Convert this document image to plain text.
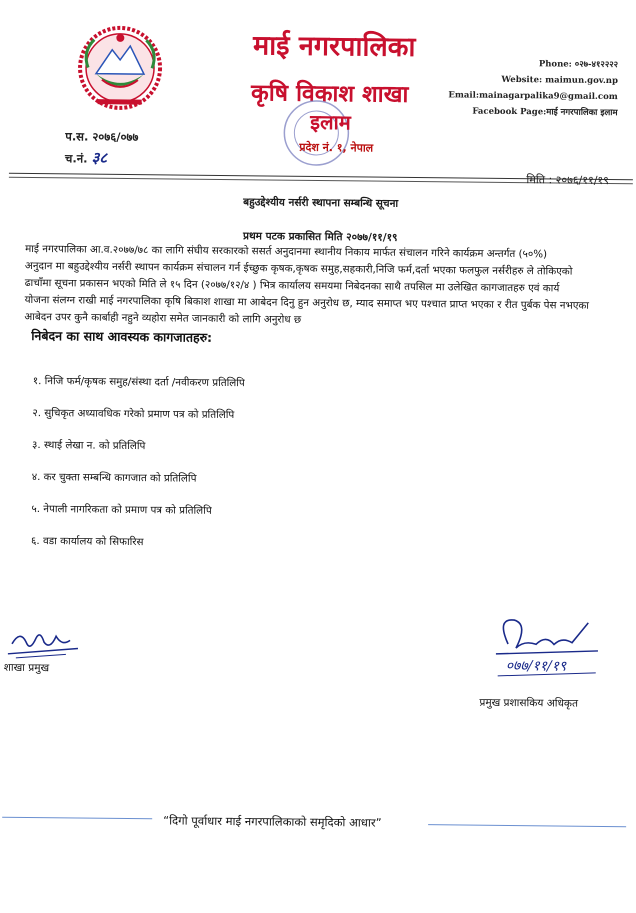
माई नगरपालिका
कृषि विकाश शाखा
इलाम
प्रदेश नं. १, नेपाल
Phone: ०२७-४१२२२२
Website: maimun.gov.np
Email:mainagarpalika9@gmail.com
Facebook Page:माई नगरपालिका इलाम
प.स. २०७६/०७७
च.नं. ३८
मिति : २०७६/११/१९
बहुउद्देश्यीय नर्सरी स्थापना सम्बन्धि सूचना
प्रथम पटक प्रकासित मिति २०७७/११/१९

माई नगरपालिका आ.व.२०७७/७८ का लागि संघीय सरकारको ससर्त अनुदानमा स्थानीय निकाय मार्फत संचालन गरिने कार्यक्रम अन्तर्गत (५०%)

अनुदान मा बहुउद्देश्यीय नर्सरी स्थापन कार्यक्रम संचालन गर्न ईच्छुक कृषक,कृषक समुह,सहकारी,निजि फर्म,दर्ता भएका फलफुल नर्सरीहरु ले तोकिएको

ढाचाँमा सूचना प्रकासन भएको मिति ले १५ दिन (२०७७/१२/४ ) भित्र कार्यालय समयमा निबेदनका साथै तपसिल मा उलेखित कागजातहरु एवं कार्य

योजना संलग्न राखी माई नगरपालिका कृषि बिकाश शाखा मा आबेदन दिनु हुन अनुरोध छ, म्याद समाप्त भए पश्चात प्राप्त भएका र रीत पुर्बक पेस नभएका

आबेदन उपर कुनै कार्बाही नहुने व्यहोरा समेत जानकारी को लागि अनुरोध छ

निबेदन का साथ आवस्यक कागजातहरु:
१. निजि फर्म/कृषक समुह/संस्था दर्ता /नवीकरण प्रतिलिपि
२. सुचिकृत अध्यावधिक गरेको प्रमाण पत्र को प्रतिलिपि
३. स्थाई लेखा न. को प्रतिलिपि
४. कर चुक्ता सम्बन्धि कागजात को प्रतिलिपि
५. नेपाली नागरिकता को प्रमाण पत्र को प्रतिलिपि
६. वडा कार्यालय को सिफारिस
शाखा प्रमुख	०७७/११/१९
प्रमुख प्रशासकिय अधिकृत
“दिगो पूर्वाधार माई नगरपालिकाको समृदिको आधार”
